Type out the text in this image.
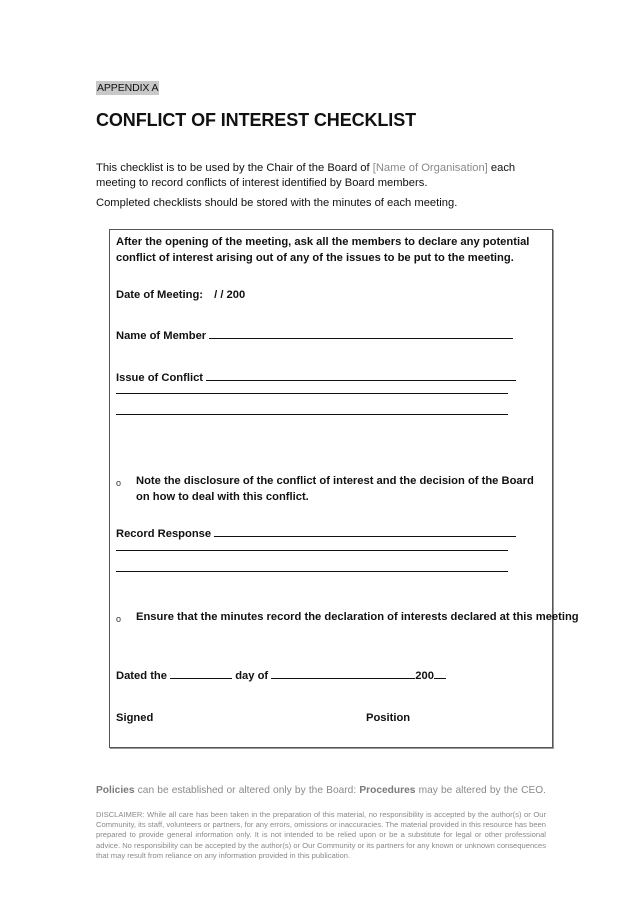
APPENDIX A
CONFLICT OF INTEREST CHECKLIST
This checklist is to be used by the Chair of the Board of [Name of Organisation] each meeting to record conflicts of interest identified by Board members.
Completed checklists should be stored with the minutes of each meeting.
After the opening of the meeting, ask all the members to declare any potential conflict of interest arising out of any of the issues to be put to the meeting.
Date of Meeting: / / 200
Name of Member
Issue of Conflict
o Note the disclosure of the conflict of interest and the decision of the Board on how to deal with this conflict.
Record Response
o Ensure that the minutes record the declaration of interests declared at this meeting
Dated the	day of	200
Signed	Position
Policies can be established or altered only by the Board: Procedures may be altered by the CEO.
DISCLAIMER: While all care has been taken in the preparation of this material, no responsibility is accepted by the author(s) or Our Community, its staff, volunteers or partners, for any errors, omissions or inaccuracies. The material provided in this resource has been prepared to provide general information only. It is not intended to be relied upon or be a substitute for legal or other professional advice. No responsibility can be accepted by the author(s) or Our Community or its partners for any known or unknown consequences that may result from reliance on any information provided in this publication.
